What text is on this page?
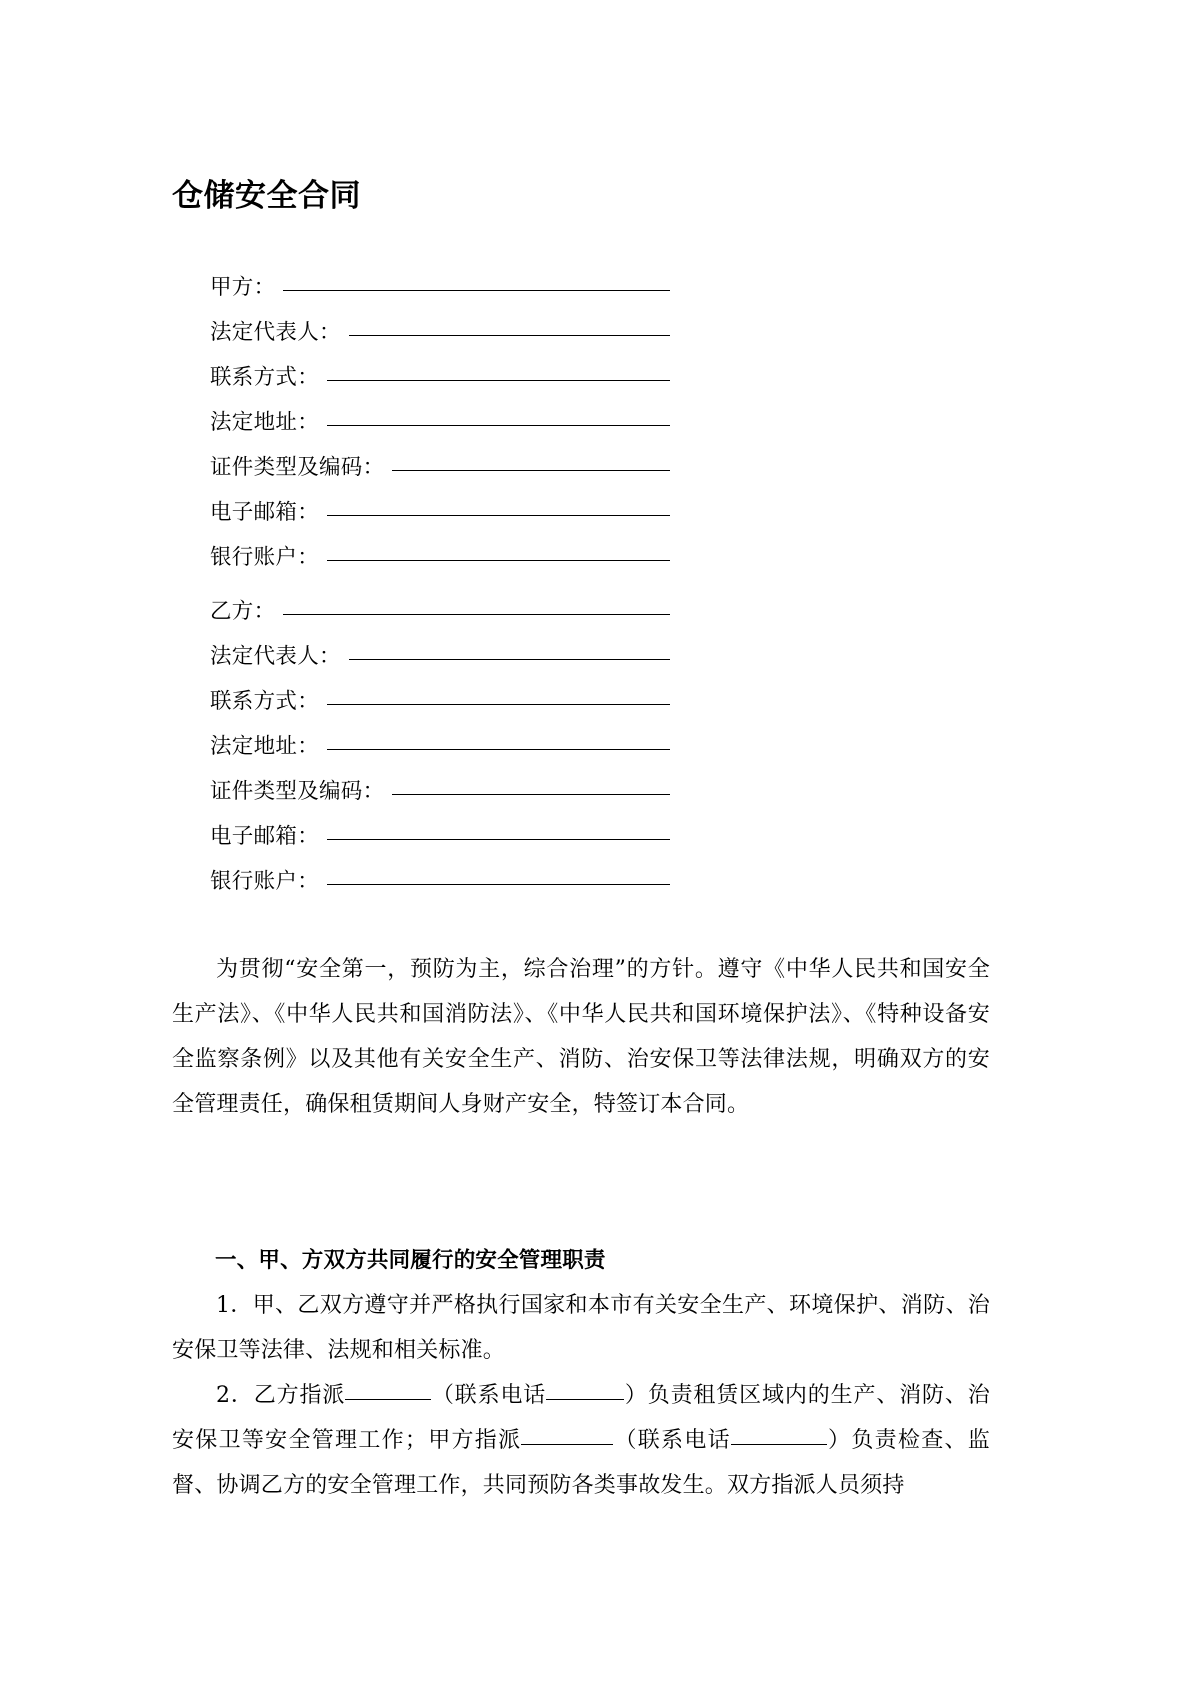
仓储安全合同
甲方：
法定代表人：
联系方式：
法定地址：
证件类型及编码：
电子邮箱：
银行账户：
乙方：
法定代表人：
联系方式：
法定地址：
证件类型及编码：
电子邮箱：
银行账户：
为贯彻“安全第一，预防为主，综合治理”的方针。遵守《中华人民共和国安全生产法》、《中华人民共和国消防法》、《中华人民共和国环境保护法》、《特种设备安全监察条例》以及其他有关安全生产、消防、治安保卫等法律法规，明确双方的安全管理责任，确保租赁期间人身财产安全，特签订本合同。
一、甲、方双方共同履行的安全管理职责
1．甲、乙双方遵守并严格执行国家和本市有关安全生产、环境保护、消防、治安保卫等法律、法规和相关标准。
2．乙方指派	（联系电话	）负责租赁区域内的生产、消防、治安保卫等安全管理工作；甲方指派	（联系电话	）负责检查、监督、协调乙方的安全管理工作，共同预防各类事故发生。双方指派人员须持
